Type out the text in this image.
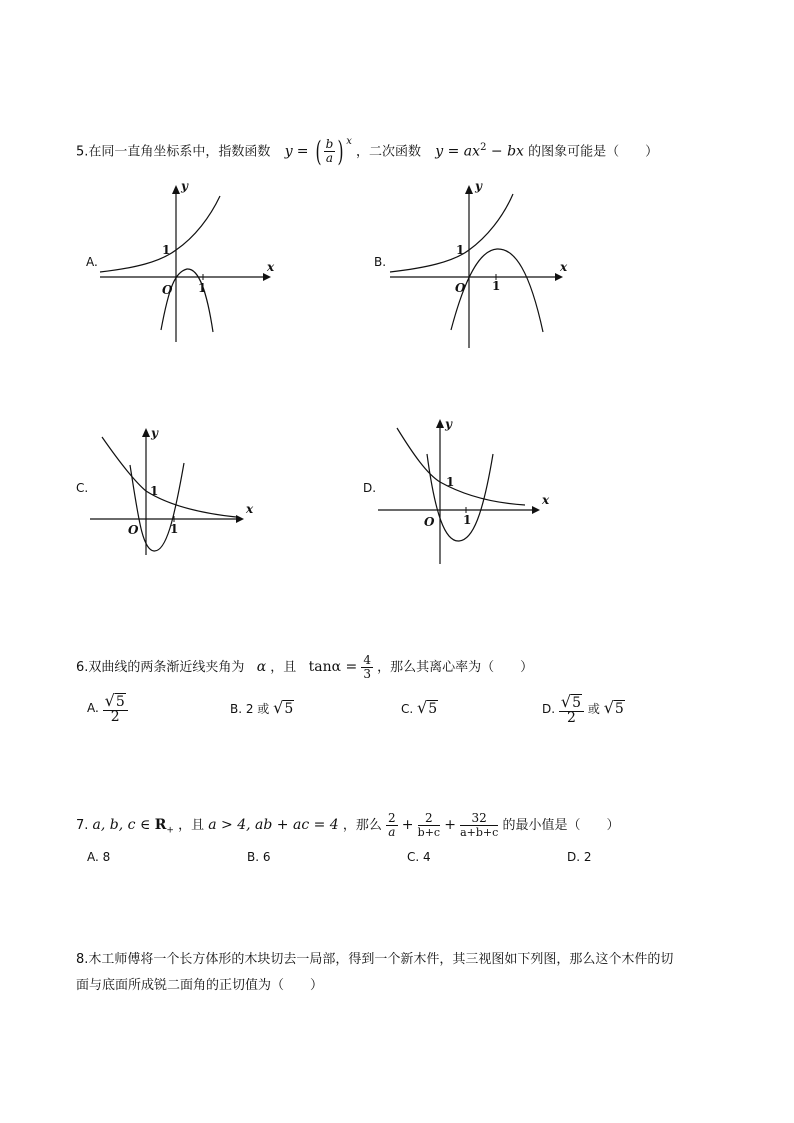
5.在同一直角坐标系中，指数函数 y = ( $\frac{b}{a}$ ) $^x$ ，二次函数 $y = ax^2$ − bx 的图象可能是（　　）
A.
y
x
O
1
1
B.
y
x
O
1
1
C.
y
x
O
1
1
D.
y
x
O
1
1
6.双曲线的两条渐近线夹角为 α ，且 $\tan\alpha = \frac{4}{3}$ ，那么其离心率为（　　）
A. $\frac{√5}{2}$	B. 2 或 √5	C. √5	D. $\frac{√5}{2}$ 或 √5
7. a, b, c ∈ $R_+$ ，且 a > 4, ab + ac = 4 ，那么 $\frac{2}{a} + \frac{2}{b+c} + \frac{32}{a+b+c}$ 的最小值是（　　）
A. 8	B. 6	C. 4	D. 2
8.木工师傅将一个长方体形的木块切去一局部，得到一个新木件，其三视图如下列图，那么这个木件的切
面与底面所成锐二面角的正切值为（　　）
